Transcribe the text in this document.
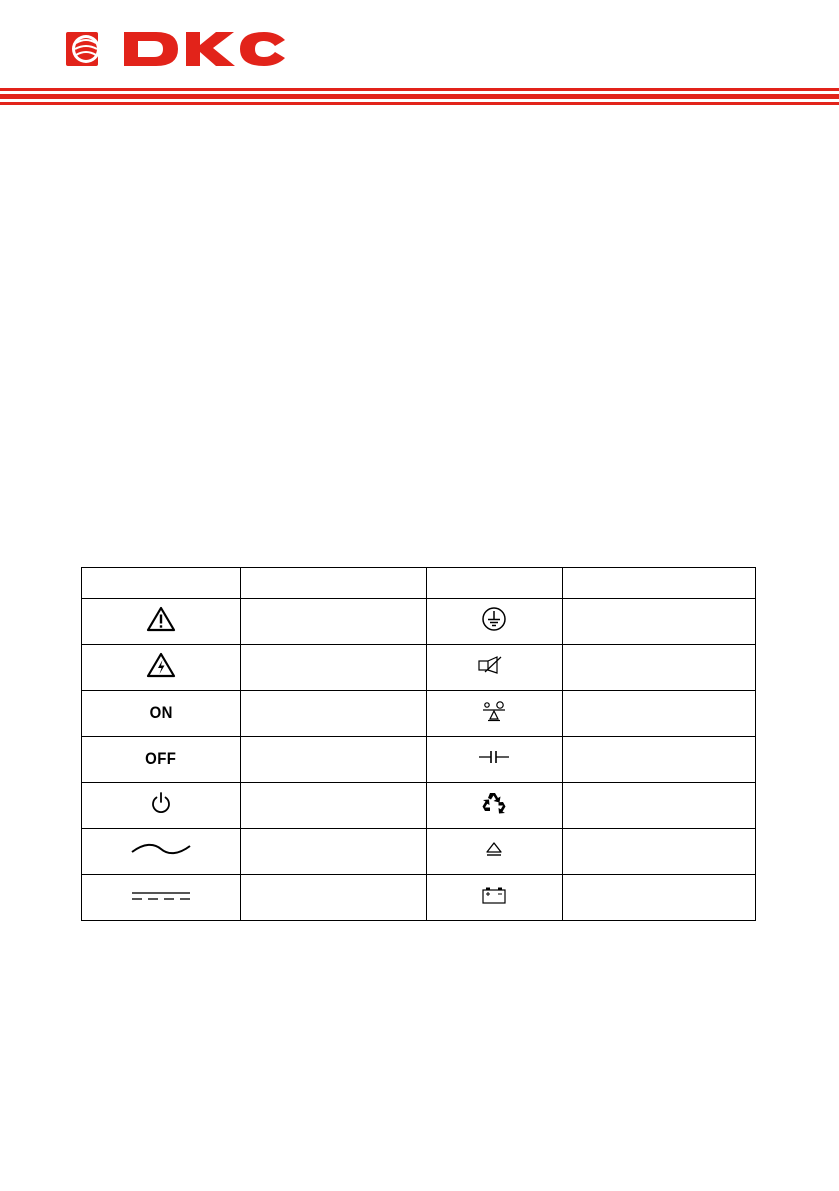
ON			
OFF			
